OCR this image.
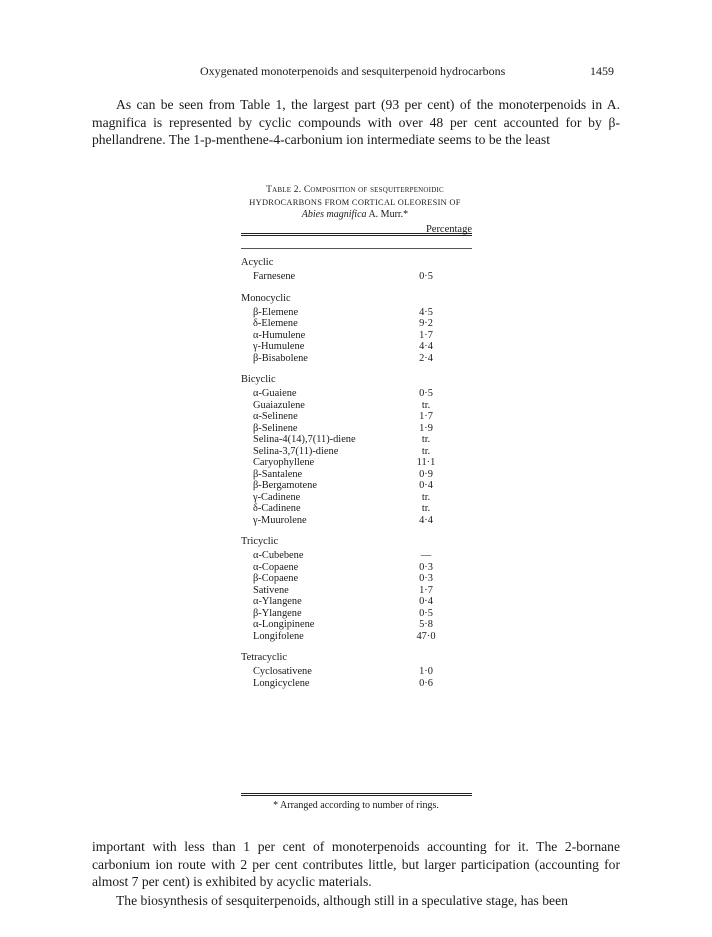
Oxygenated monoterpenoids and sesquiterpenoid hydrocarbons	1459

As can be seen from Table 1, the largest part (93 per cent) of the monoterpenoids in A. magnifica is represented by cyclic compounds with over 48 per cent accounted for by β-phellandrene. The 1-p-menthene-4-carbonium ion intermediate seems to be the least

Table 2. Composition of sesquiterpenoidic
HYDROCARBONS FROM CORTICAL OLEORESIN OF
Abies magnifica A. Murr.*
Percentage
Acyclic
Farnesene	0·5
Monocyclic
β-Elemene	4·5
δ-Elemene	9·2
α-Humulene	1·7
γ-Humulene	4·4
β-Bisabolene	2·4
Bicyclic
α-Guaiene	0·5
Guaiazulene	tr.
α-Selinene	1·7
β-Selinene	1·9
Selina-4(14),7(11)-diene	tr.
Selina-3,7(11)-diene	tr.
Caryophyllene	11·1
β-Santalene	0·9
β-Bergamotene	0·4
γ-Cadinene	tr.
δ-Cadinene	tr.
γ-Muurolene	4·4
Tricyclic
α-Cubebene	—
α-Copaene	0·3
β-Copaene	0·3
Sativene	1·7
α-Ylangene	0·4
β-Ylangene	0·5
α-Longipinene	5·8
Longifolene	47·0
Tetracyclic
Cyclosativene	1·0
Longicyclene	0·6
* Arranged according to number of rings.

important with less than 1 per cent of monoterpenoids accounting for it. The 2-bornane carbonium ion route with 2 per cent contributes little, but larger participation (accounting for almost 7 per cent) is exhibited by acyclic materials.

The biosynthesis of sesquiterpenoids, although still in a speculative stage, has been
